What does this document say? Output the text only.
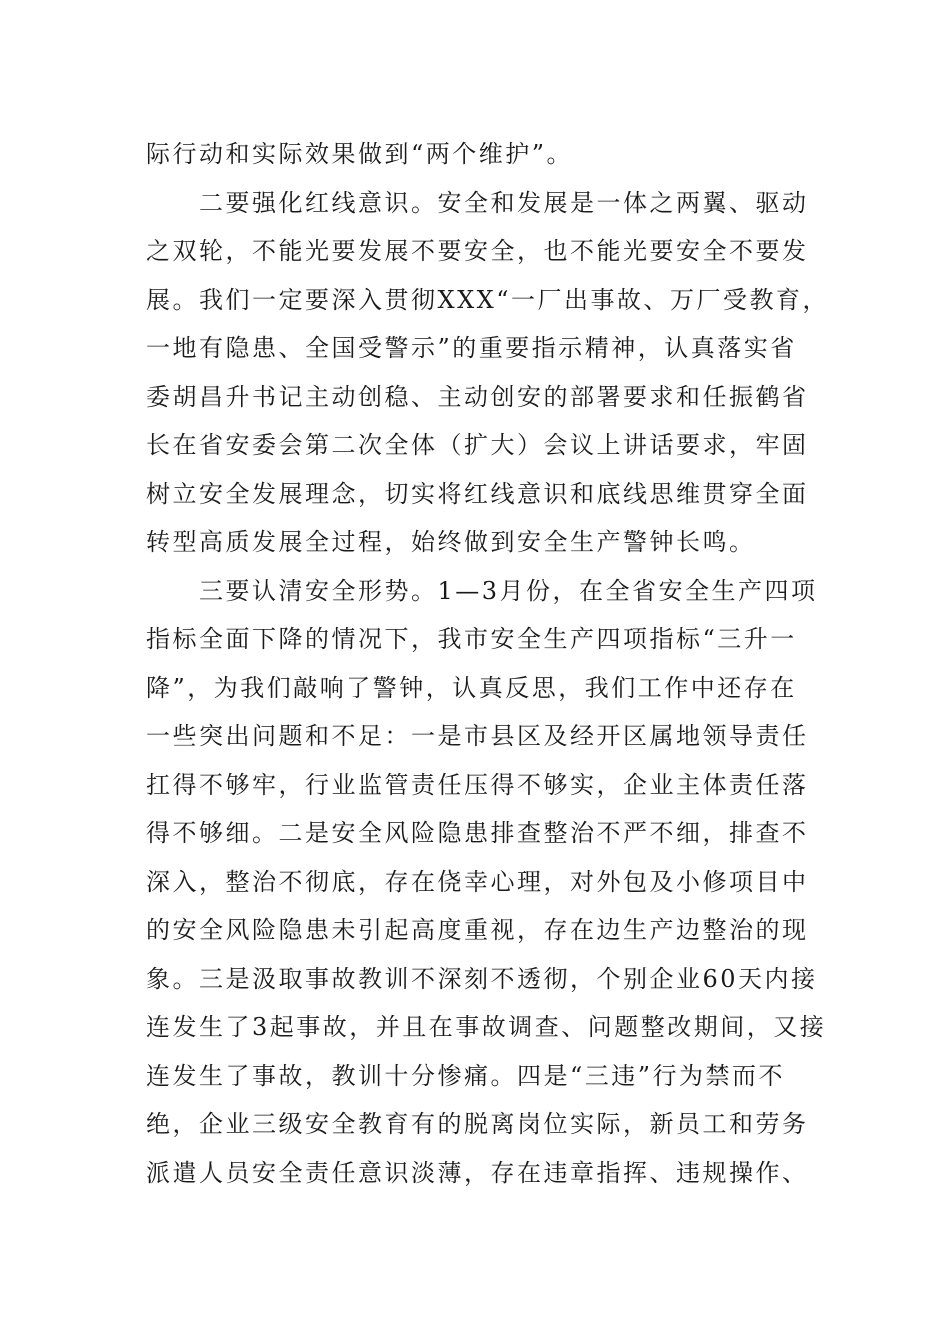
际行动和实际效果做到“两个维护”。
　　二要强化红线意识。安全和发展是一体之两翼、驱动
之双轮，不能光要发展不要安全，也不能光要安全不要发
展。我们一定要深入贯彻XXX“一厂出事故、万厂受教育，
一地有隐患、全国受警示”的重要指示精神，认真落实省
委胡昌升书记主动创稳、主动创安的部署要求和任振鹤省
长在省安委会第二次全体（扩大）会议上讲话要求，牢固
树立安全发展理念，切实将红线意识和底线思维贯穿全面
转型高质发展全过程，始终做到安全生产警钟长鸣。
　　三要认清安全形势。1—3月份，在全省安全生产四项
指标全面下降的情况下，我市安全生产四项指标“三升一
降”，为我们敲响了警钟，认真反思，我们工作中还存在
一些突出问题和不足：一是市县区及经开区属地领导责任
扛得不够牢，行业监管责任压得不够实，企业主体责任落
得不够细。二是安全风险隐患排查整治不严不细，排查不
深入，整治不彻底，存在侥幸心理，对外包及小修项目中
的安全风险隐患未引起高度重视，存在边生产边整治的现
象。三是汲取事故教训不深刻不透彻，个别企业60天内接
连发生了3起事故，并且在事故调查、问题整改期间，又接
连发生了事故，教训十分惨痛。四是“三违”行为禁而不
绝，企业三级安全教育有的脱离岗位实际，新员工和劳务
派遣人员安全责任意识淡薄，存在违章指挥、违规操作、
